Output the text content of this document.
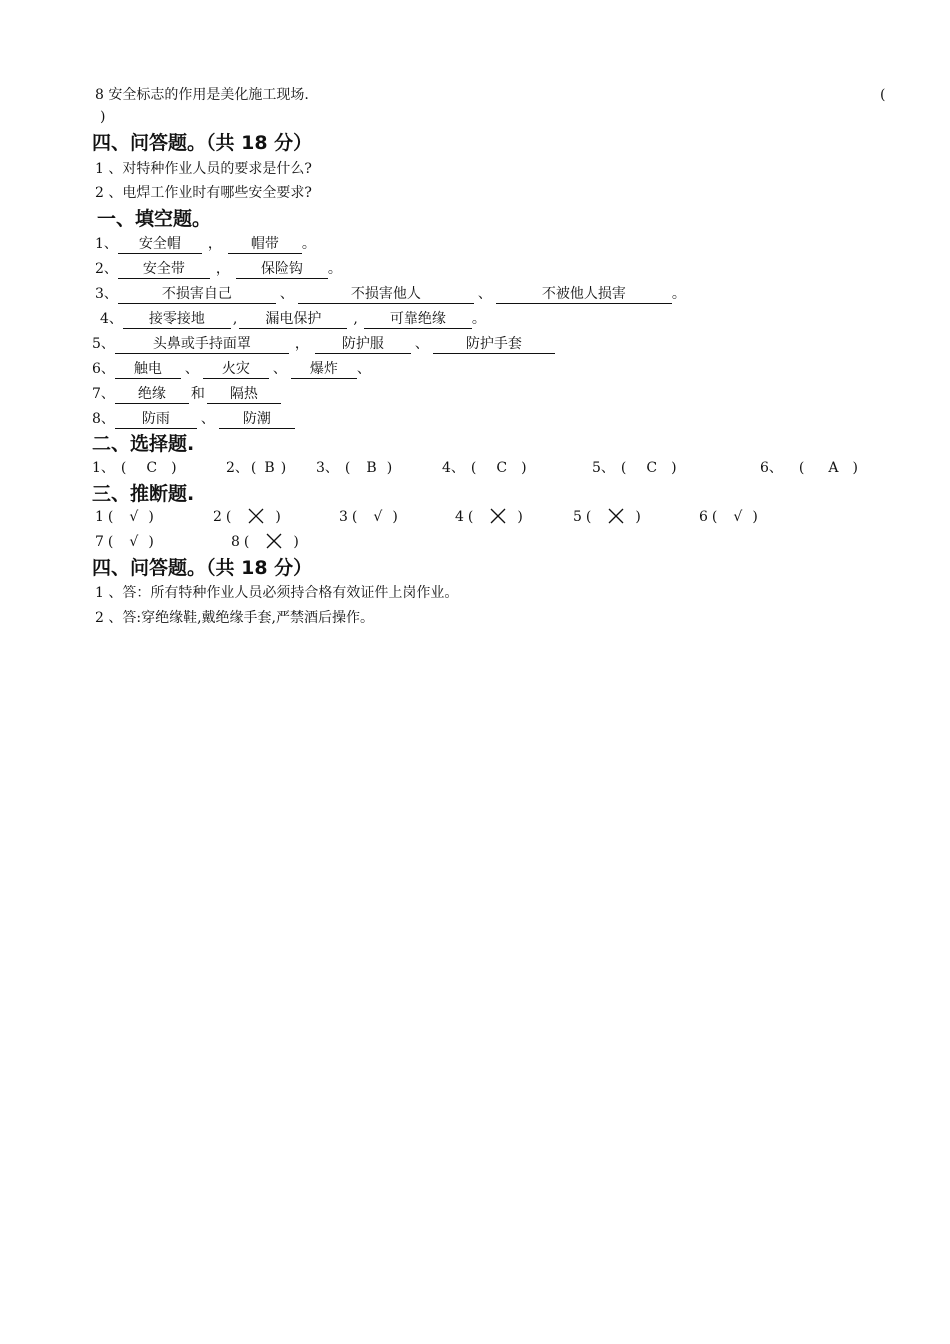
8 安全标志的作用是美化施工现场.	(
)
四、问答题。（共 18 分）
1 、对特种作业人员的要求是什么?
2 、电焊工作业时有哪些安全要求?
一、填空题。
1、 安全帽 ， 帽带 。
2、 安全带 ， 保险钩 。
3、	不损害自己	、	不损害他人	、	不被他人损害	。
4、 接零接地 , 漏电保护 , 可靠绝缘 。
5、	头鼻或手持面罩	， 防护服 、	防护手套
6、 触电 、 火灾 、 爆炸 、
7、 绝缘 和 隔热
8、 防雨 、 防潮
二、选择题.
1、 ( C )	2、 ( B ) 3、 ( B )	4、 ( C )	5、 ( C )	6、 ( A )
三、推断题.
1 ( √ )	2 (	)	3 ( √ )	4 (	)	5 (	)	6 ( √ )
7 ( √ )	8 (	)
四、问答题。（共 18 分）
1 、答：所有特种作业人员必须持合格有效证件上岗作业。
2 、答:穿绝缘鞋,戴绝缘手套,严禁酒后操作。
